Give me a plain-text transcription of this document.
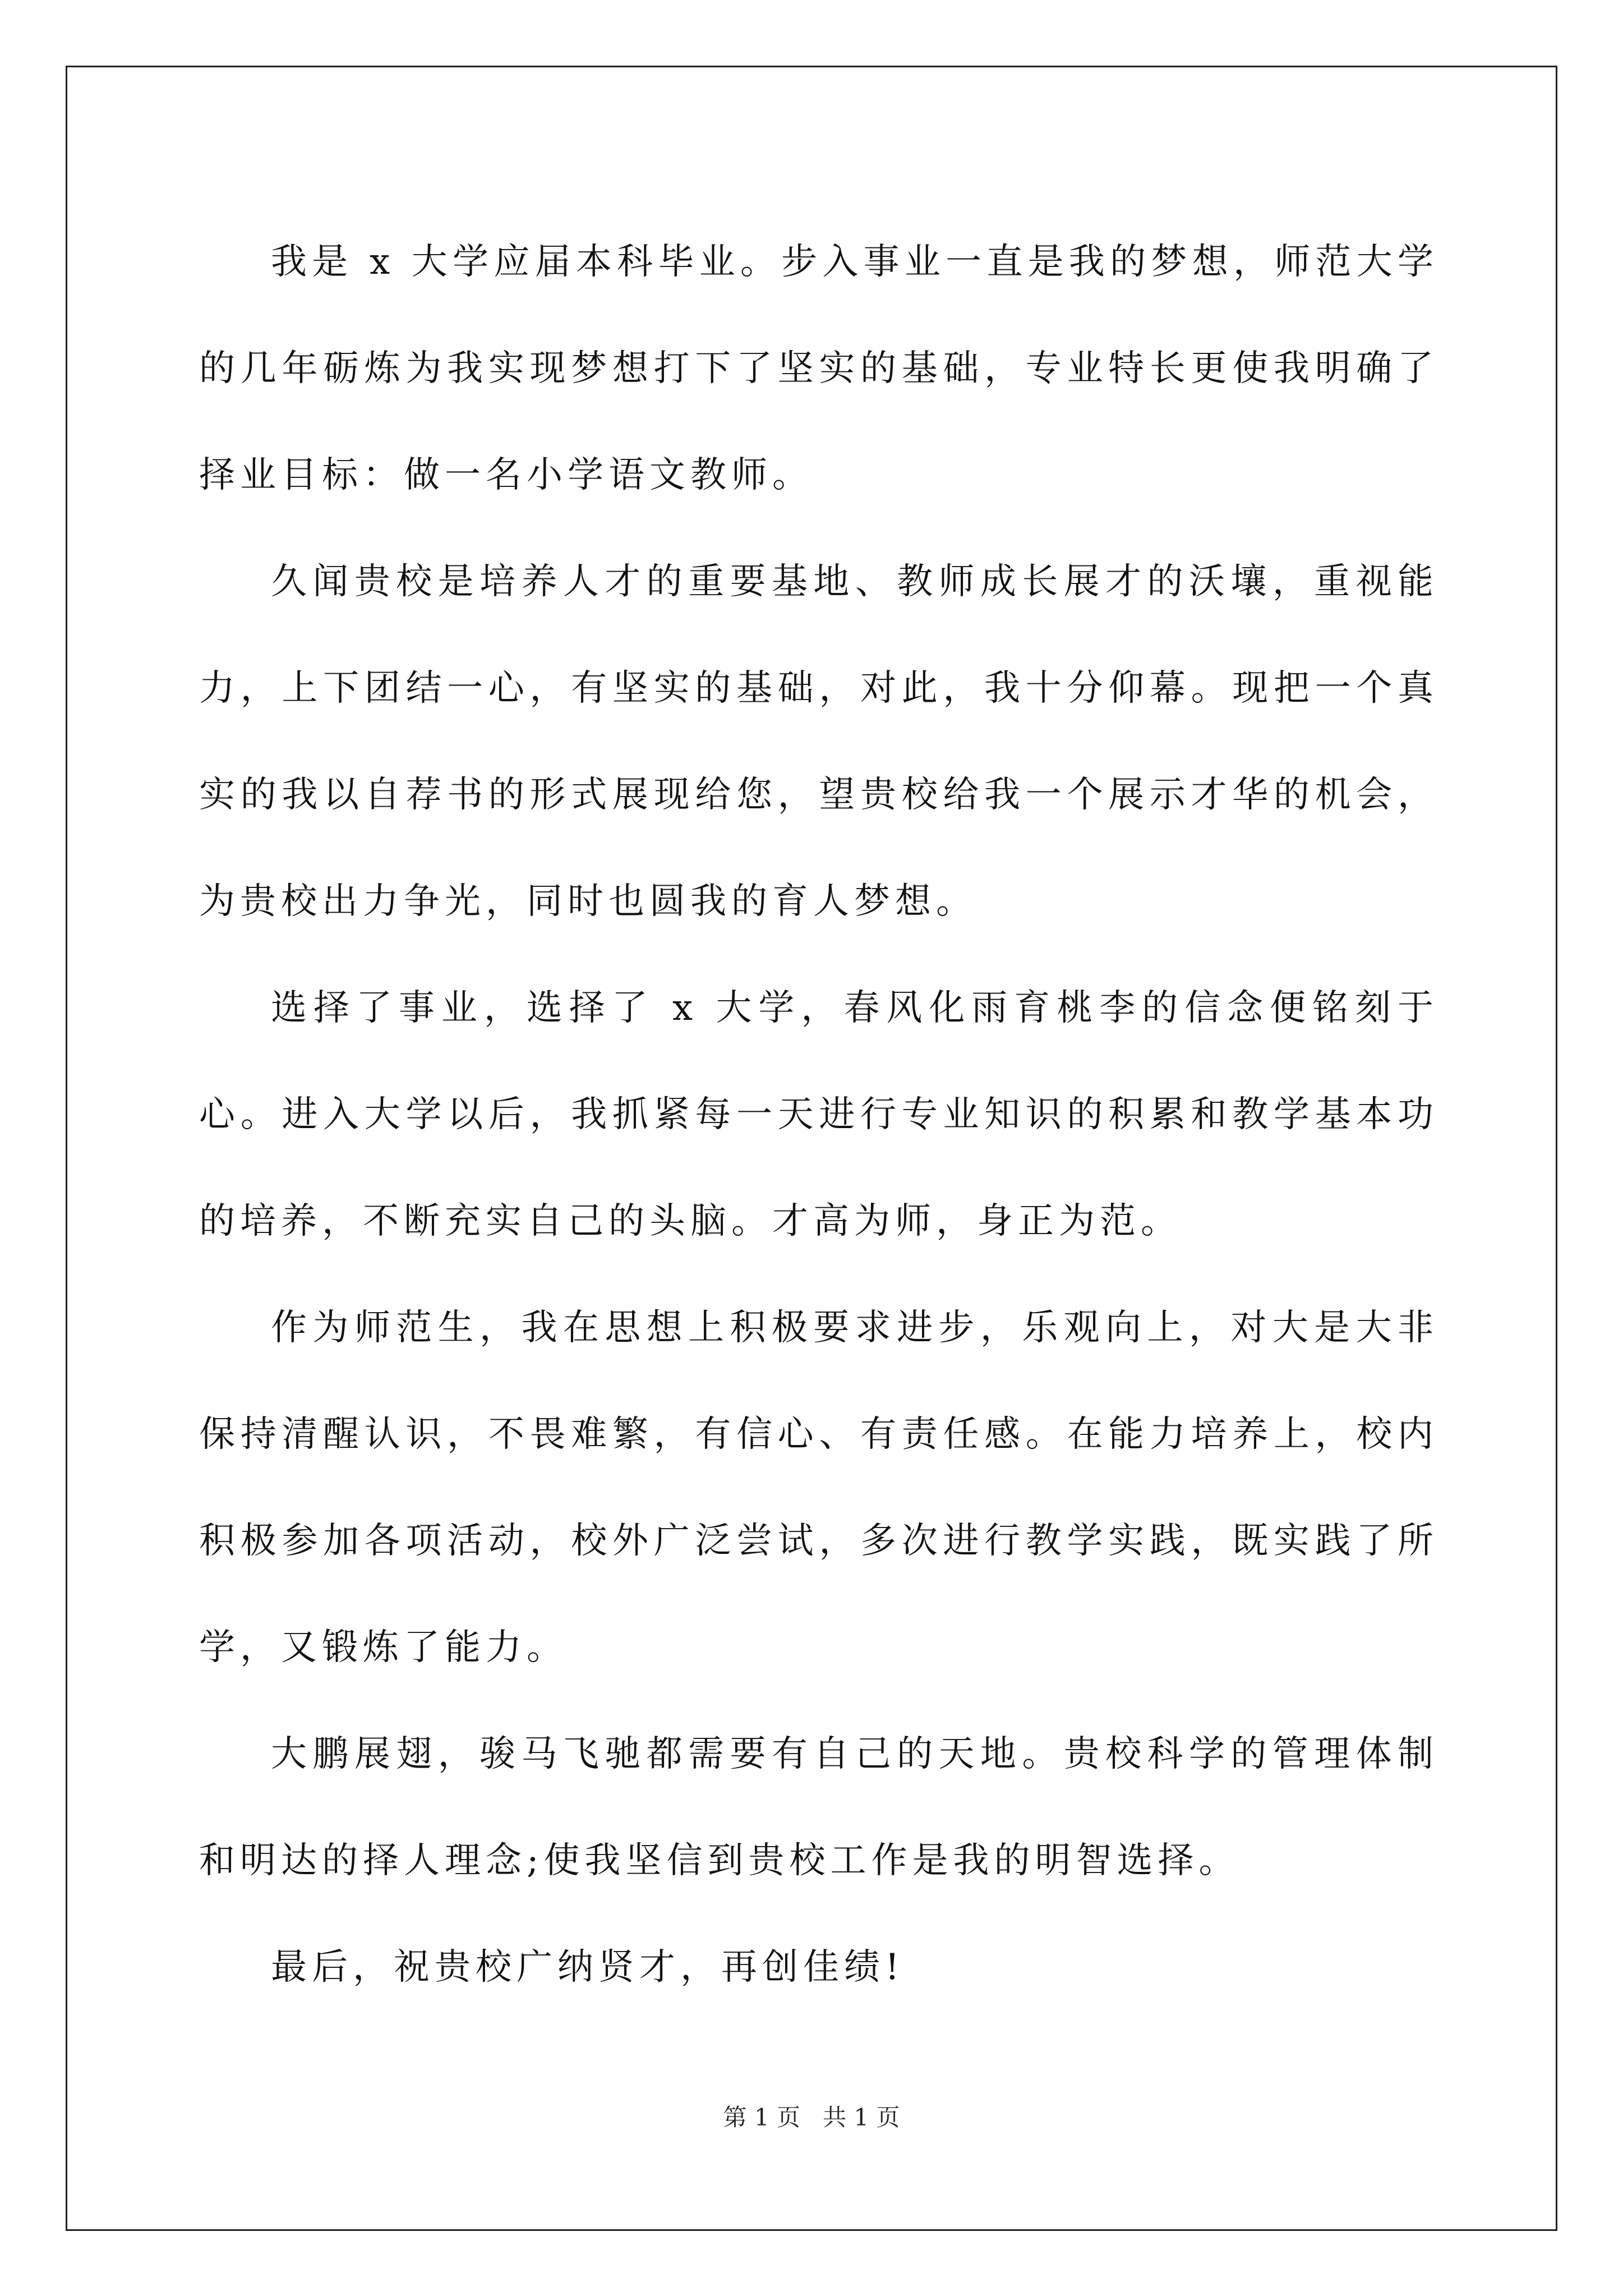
我是 x 大学应届本科毕业。步入事业一直是我的梦想，师范大学的几年砺炼为我实现梦想打下了坚实的基础，专业特长更使我明确了择业目标：做一名小学语文教师。

久闻贵校是培养人才的重要基地、教师成长展才的沃壤，重视能力，上下团结一心，有坚实的基础，对此，我十分仰幕。现把一个真实的我以自荐书的形式展现给您，望贵校给我一个展示才华的机会，为贵校出力争光，同时也圆我的育人梦想。

选择了事业，选择了 x 大学，春风化雨育桃李的信念便铭刻于心。进入大学以后，我抓紧每一天进行专业知识的积累和教学基本功的培养，不断充实自己的头脑。才高为师，身正为范。

作为师范生，我在思想上积极要求进步，乐观向上，对大是大非保持清醒认识，不畏难繁，有信心、有责任感。在能力培养上，校内积极参加各项活动，校外广泛尝试，多次进行教学实践，既实践了所学，又锻炼了能力。

大鹏展翅，骏马飞驰都需要有自己的天地。贵校科学的管理体制和明达的择人理念;使我坚信到贵校工作是我的明智选择。

最后，祝贵校广纳贤才，再创佳绩!

第 1 页   共 1 页
